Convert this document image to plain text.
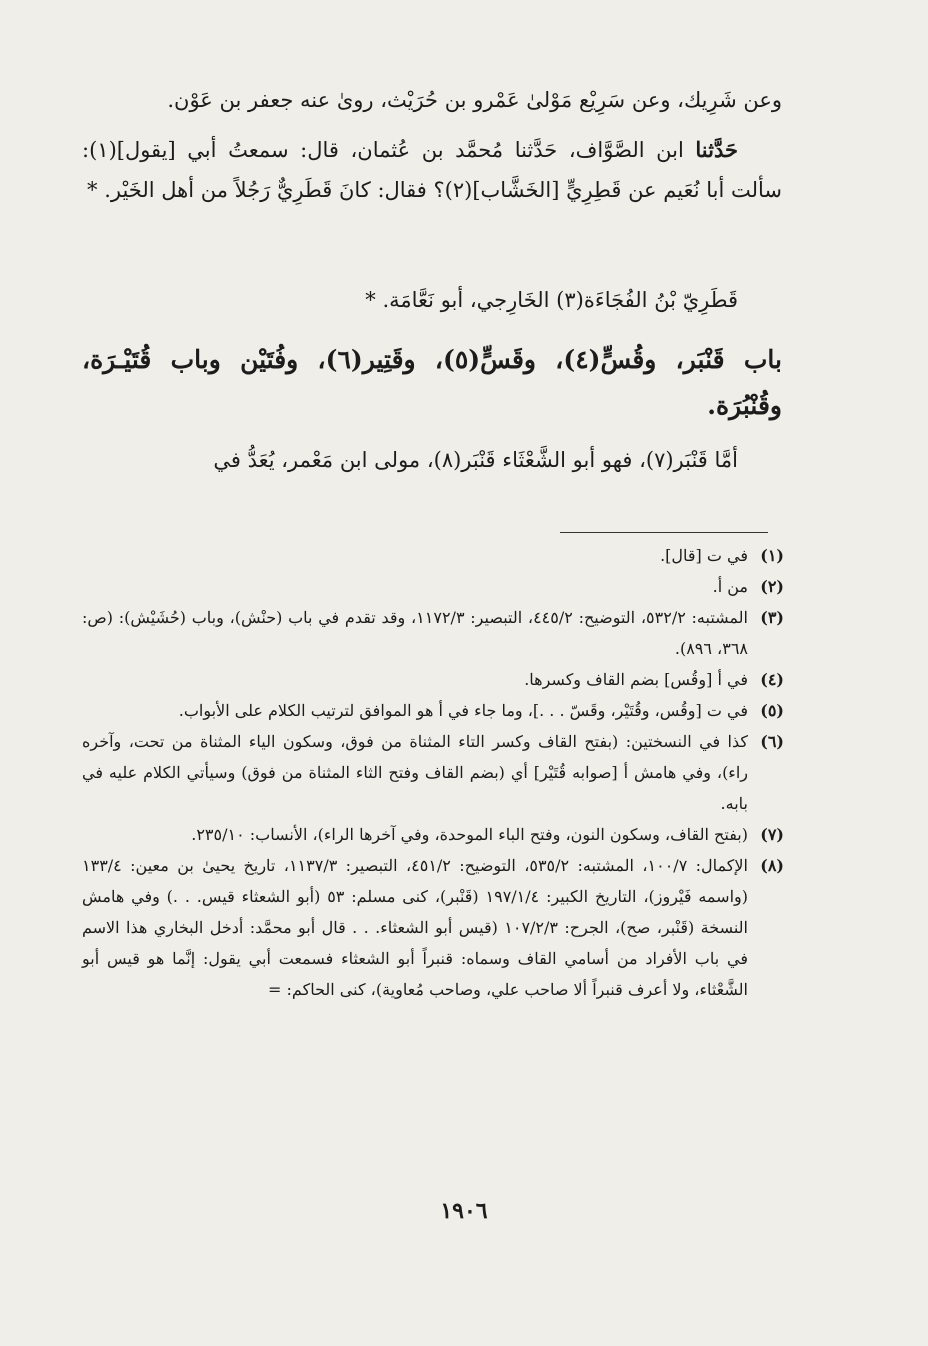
وعن شَرِيك، وعن سَرِيْع مَوْلىٰ عَمْرو بن حُرَيْث، روىٰ عنه جعفر بن عَوْن.

حَدَّثنا ابن الصَّوَّاف، حَدَّثنا مُحمَّد بن عُثمان، قال: سمعتُ أبي [يقول](١): سألت أبا نُعَيم عن قَطِرِيٍّ [الخَشَّاب](٢)؟ فقال: كانَ قَطَرِيٌّ رَجُلاً من أهل الخَيْر. *

قَطَرِيّ بْنُ الفُجَاءَة(٣) الخَارِجي، أبو نَعَّامَة. *

باب قَنْبَر، وقُسٍّ(٤)، وقَسٍّ(٥)، وقَتِير(٦)، وفُتَيْن وباب قُتَيْـرَة، وقُنْبُرَة.

أمَّا قَنْبَر(٧)، فهو أبو الشَّعْثَاء قَنْبَر(٨)، مولى ابن مَعْمر، يُعَدُّ في

(١)
في ت [قال].
(٢)
من أ.
(٣)
المشتبه: ٥٣٢/٢، التوضيح: ٤٤٥/٢، التبصير: ١١٧٢/٣، وقد تقدم في باب (حنْش)، وباب (حُشَيْش): (ص: ٣٦٨، ٨٩٦).
(٤)
في أ [وقُس] بضم القاف وكسرها.
(٥)
في ت [وقُس، وقُتَيْر، وقَسّ . . .]، وما جاء في أ هو الموافق لترتيب الكلام على الأبواب.
(٦)
كذا في النسختين: (بفتح القاف وكسر التاء المثناة من فوق، وسكون الياء المثناة من تحت، وآخره راء)، وفي هامش أ [صوابه قُتَيْر] أي (بضم القاف وفتح الثاء المثناة من فوق) وسيأتي الكلام عليه في بابه.
(٧)
(بفتح القاف، وسكون النون، وفتح الباء الموحدة، وفي آخرها الراء)، الأنساب: ٢٣٥/١٠.
(٨)
الإكمال: ١٠٠/٧، المشتبه: ٥٣٥/٢، التوضيح: ٤٥١/٢، التبصير: ١١٣٧/٣، تاريخ يحيىٰ بن معين: ١٣٣/٤ (واسمه فَيْروز)، التاريخ الكبير: ١٩٧/١/٤ (قَنْبر)، كنى مسلم: ٥٣ (أبو الشعثاء قيس. . .) وفي هامش النسخة (قَنْبر، صح)، الجرح: ١٠٧/٢/٣ (قيس أبو الشعثاء. . . قال أبو محمَّد: أدخل البخاري هذا الاسم في باب الأفراد من أسامي القاف وسماه: قنبراً أبو الشعثاء فسمعت أبي يقول: إنَّما هو قيس أبو الشَّعْثاء، ولا أعرف قنبراً ألا صاحب علي، وصاحب مُعاوية)، كنى الحاكم: =
١٩٠٦
